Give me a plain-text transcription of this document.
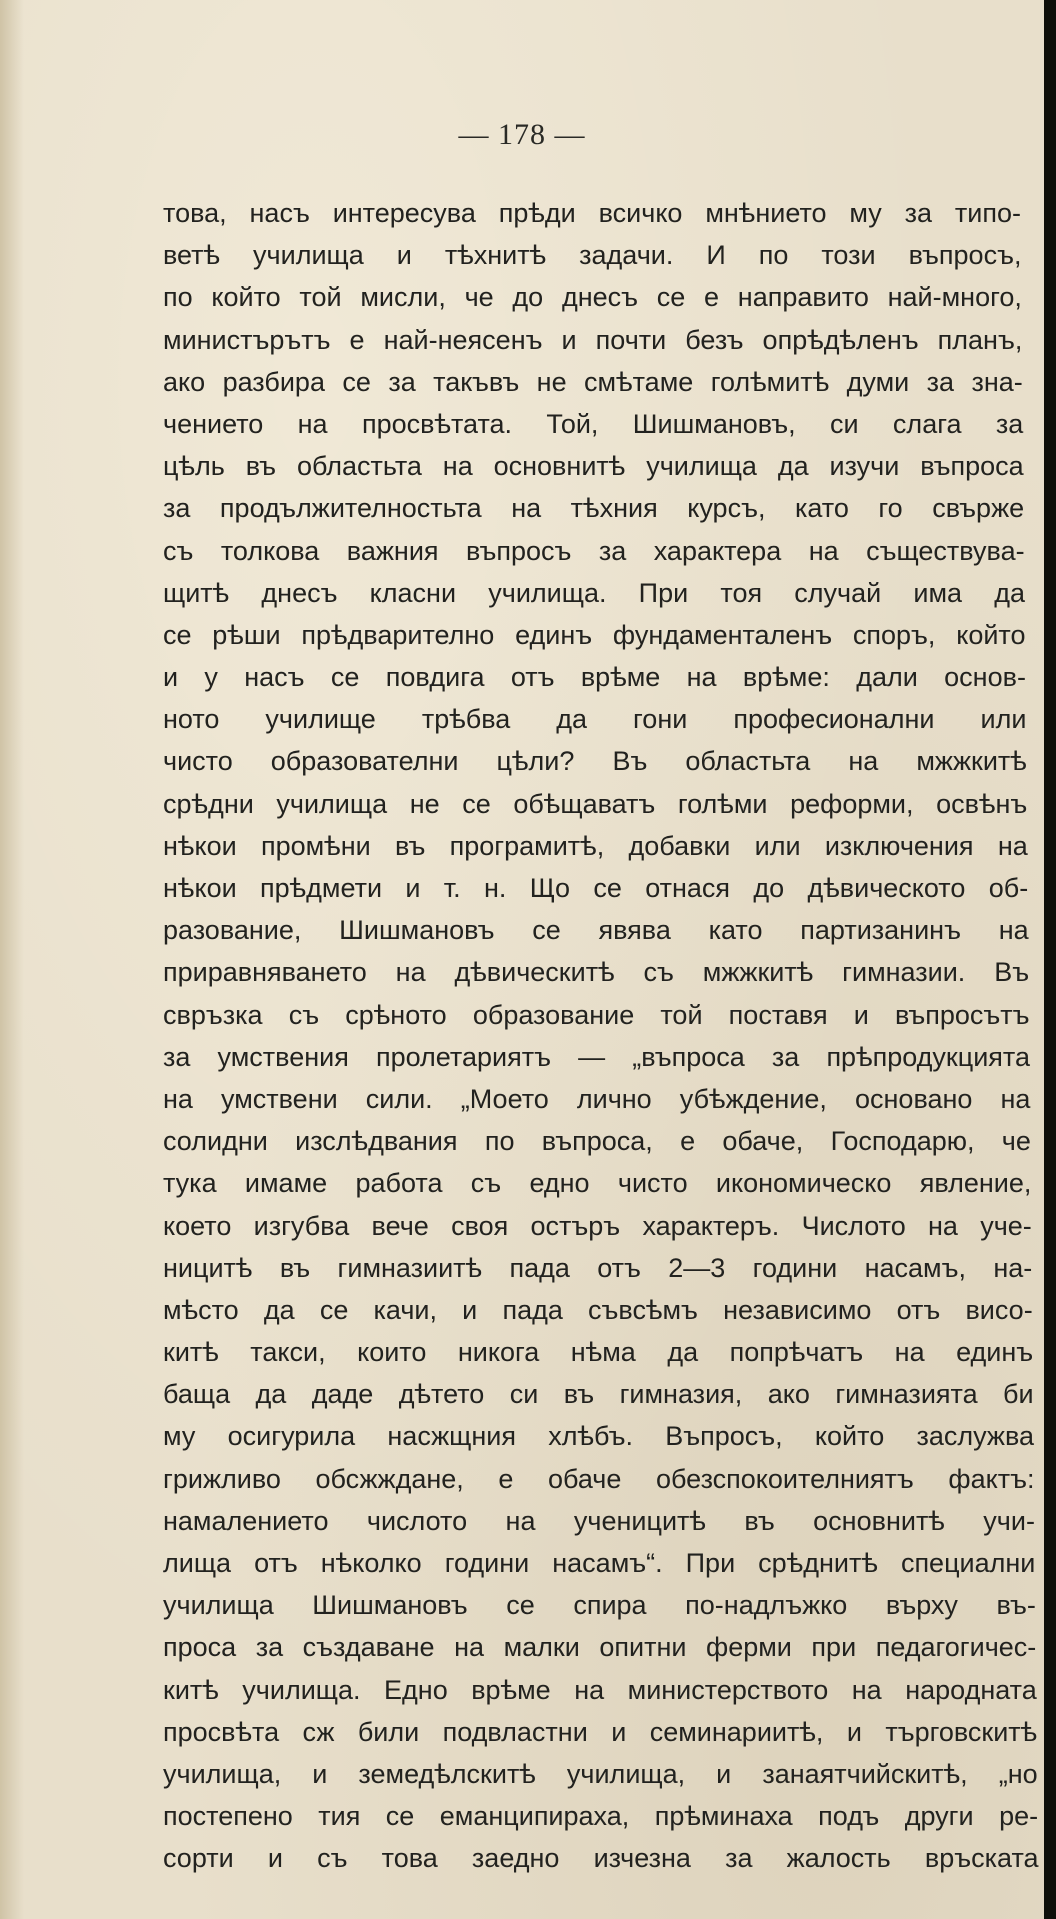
— 178 —
това, насъ интересува прѣди всичко мнѣнието му за типо-
ветѣ училища и тѣхнитѣ задачи. И по този въпросъ,
по който той мисли, че до днесъ се е направито най-много,
министърътъ е най-неясенъ и почти безъ опрѣдѣленъ планъ,
ако разбира се за такъвъ не смѣтаме голѣмитѣ думи за зна-
чението на просвѣтата. Той, Шишмановъ, си слага за
цѣль въ областьта на основнитѣ училища да изучи въпроса
за продължителностьта на тѣхния курсъ, като го свърже
съ толкова важния въпросъ за характера на съществува-
щитѣ днесъ класни училища. При тоя случай има да
се рѣши прѣдварително единъ фундаменталенъ споръ, който
и у насъ се повдига отъ врѣме на врѣме: дали основ-
ното училище трѣбва да гони професионални или
чисто образователни цѣли? Въ областьта на мжжкитѣ
срѣдни училища не се обѣщаватъ голѣми реформи, освѣнъ
нѣкои промѣни въ програмитѣ, добавки или изключения на
нѣкои прѣдмети и т. н. Що се отнася до дѣвическото об-
разование, Шишмановъ се явява като партизанинъ на
приравняването на дѣвическитѣ съ мжжкитѣ гимназии. Въ
свръзка съ срѣното образование той поставя и въпросътъ
за умствения пролетариятъ — „въпроса за прѣпродукцията
на умствени сили. „Моето лично убѣждение, основано на
солидни изслѣдвания по въпроса, е обаче, Господарю, че
тука имаме работа съ едно чисто икономическо явление,
което изгубва вече своя остъръ характеръ. Числото на уче-
ницитѣ въ гимназиитѣ пада отъ 2—3 години насамъ, на-
мѣсто да се качи, и пада съвсѣмъ независимо отъ висо-
китѣ такси, които никога нѣма да попрѣчатъ на единъ
баща да даде дѣтето си въ гимназия, ако гимназията би
му осигурила насжщния хлѣбъ. Въпросъ, който заслужва
грижливо обсжждане, е обаче обезспокоителниятъ фактъ:
намалението числото на ученицитѣ въ основнитѣ учи-
лища отъ нѣколко години насамъ“. При срѣднитѣ специални
училища Шишмановъ се спира по-надлъжко върху въ-
проса за създаване на малки опитни ферми при педагогичес-
китѣ училища. Едно врѣме на министерството на народната
просвѣта сж били подвластни и семинариитѣ, и търговскитѣ
училища, и земедѣлскитѣ училища, и занаятчийскитѣ, „но
постепено тия се еманципираха, прѣминаха подъ други ре-
сорти и съ това заедно изчезна за жалость връската
